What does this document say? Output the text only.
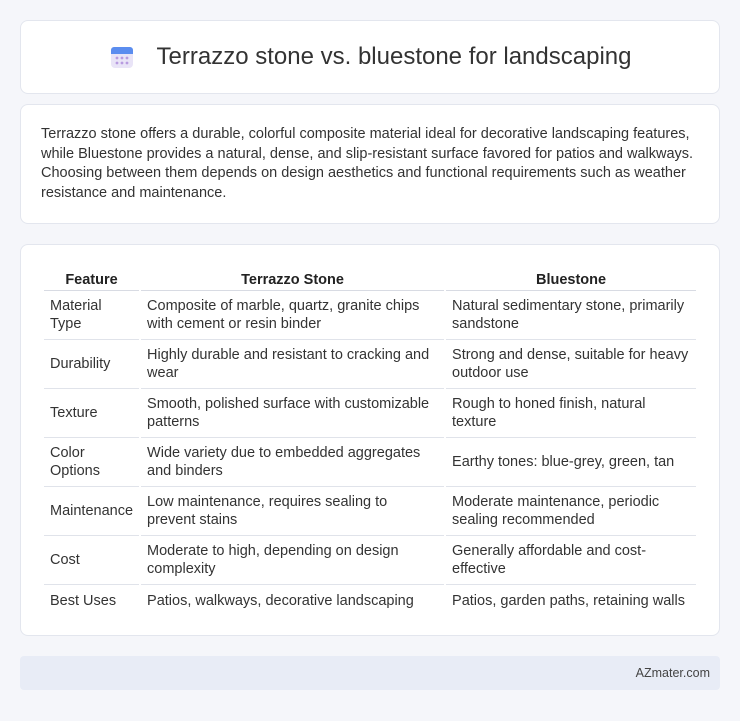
Terrazzo stone vs. bluestone for landscaping

Terrazzo stone offers a durable, colorful composite material ideal for decorative landscaping features, while Bluestone provides a natural, dense, and slip-resistant surface favored for patios and walkways. Choosing between them depends on design aesthetics and functional requirements such as weather resistance and maintenance.

Feature	Terrazzo Stone	Bluestone
Material Type	Composite of marble, quartz, granite chips with cement or resin binder	Natural sedimentary stone, primarily sandstone
Durability	Highly durable and resistant to cracking and wear	Strong and dense, suitable for heavy outdoor use
Texture	Smooth, polished surface with customizable patterns	Rough to honed finish, natural texture
Color Options	Wide variety due to embedded aggregates and binders	Earthy tones: blue-grey, green, tan
Maintenance	Low maintenance, requires sealing to prevent stains	Moderate maintenance, periodic sealing recommended
Cost	Moderate to high, depending on design complexity	Generally affordable and cost-effective
Best Uses	Patios, walkways, decorative landscaping	Patios, garden paths, retaining walls
AZmater.com
